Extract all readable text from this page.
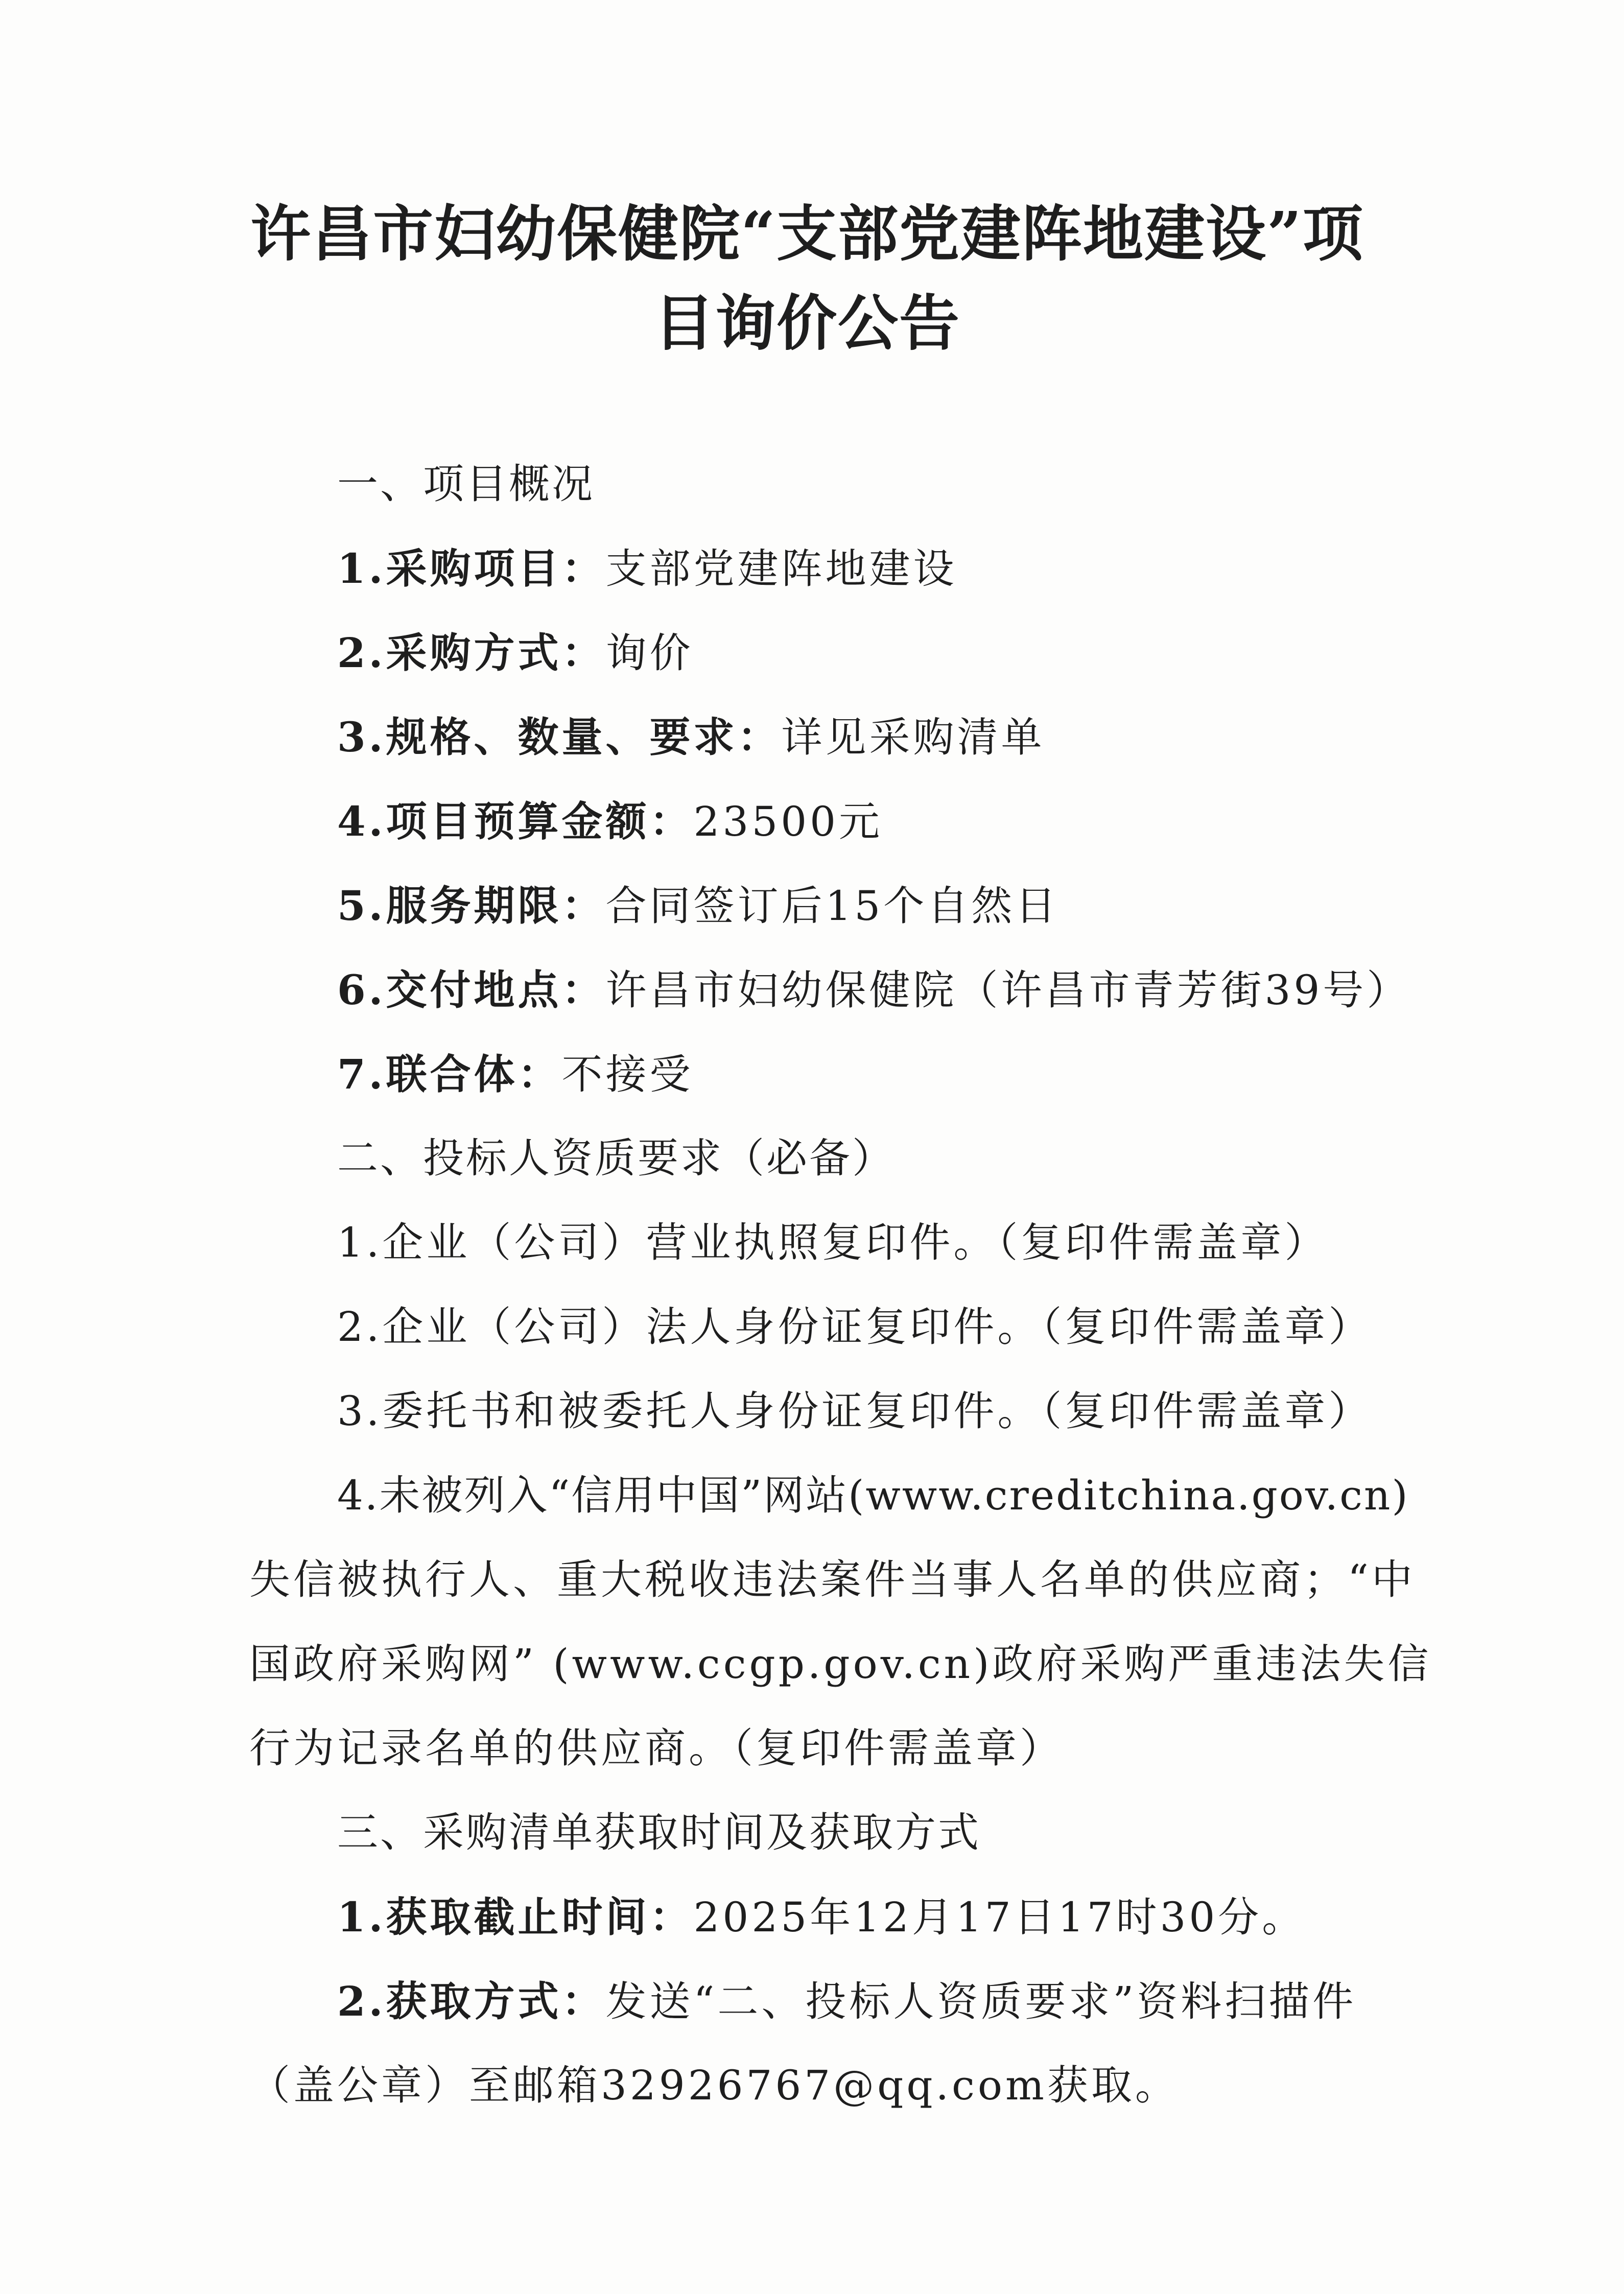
许昌市妇幼保健院“支部党建阵地建设”项
目询价公告
一、项目概况
1.采购项目：支部党建阵地建设
2.采购方式：询价
3.规格、数量、要求：详见采购清单
4.项目预算金额：23500元
5.服务期限：合同签订后15个自然日
6.交付地点：许昌市妇幼保健院（许昌市青芳街39号）
7.联合体：不接受
二、投标人资质要求（必备）
1.企业（公司）营业执照复印件。（复印件需盖章）
2.企业（公司）法人身份证复印件。（复印件需盖章）
3.委托书和被委托人身份证复印件。（复印件需盖章）
4.未被列入“信用中国”网站(www.creditchina.gov.cn)
失信被执行人、重大税收违法案件当事人名单的供应商；“中
国政府采购网” (www.ccgp.gov.cn)政府采购严重违法失信
行为记录名单的供应商。（复印件需盖章）
三、采购清单获取时间及获取方式
1.获取截止时间：2025年12月17日17时30分。
2.获取方式：发送“二、投标人资质要求”资料扫描件
（盖公章）至邮箱32926767@qq.com获取。
